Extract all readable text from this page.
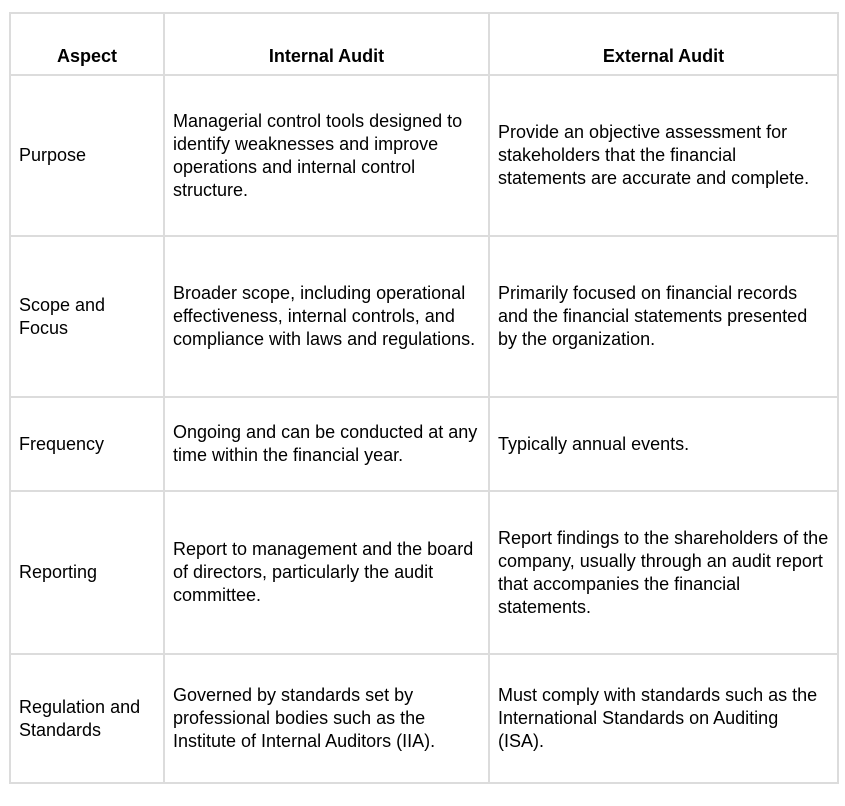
Aspect	Internal Audit	External Audit
Purpose	Managerial control tools designed to identify weaknesses and improve operations and internal control structure.	Provide an objective assessment for stakeholders that the financial statements are accurate and complete.
Scope and Focus	Broader scope, including operational effectiveness, internal controls, and compliance with laws and regulations.	Primarily focused on financial records and the financial statements presented by the organization.
Frequency	Ongoing and can be conducted at any time within the financial year.	Typically annual events.
Reporting	Report to management and the board of directors, particularly the audit committee.	Report findings to the shareholders of the company, usually through an audit report that accompanies the financial statements.
Regulation and Standards	Governed by standards set by professional bodies such as the Institute of Internal Auditors (IIA).	Must comply with standards such as the International Standards on Auditing (ISA).
